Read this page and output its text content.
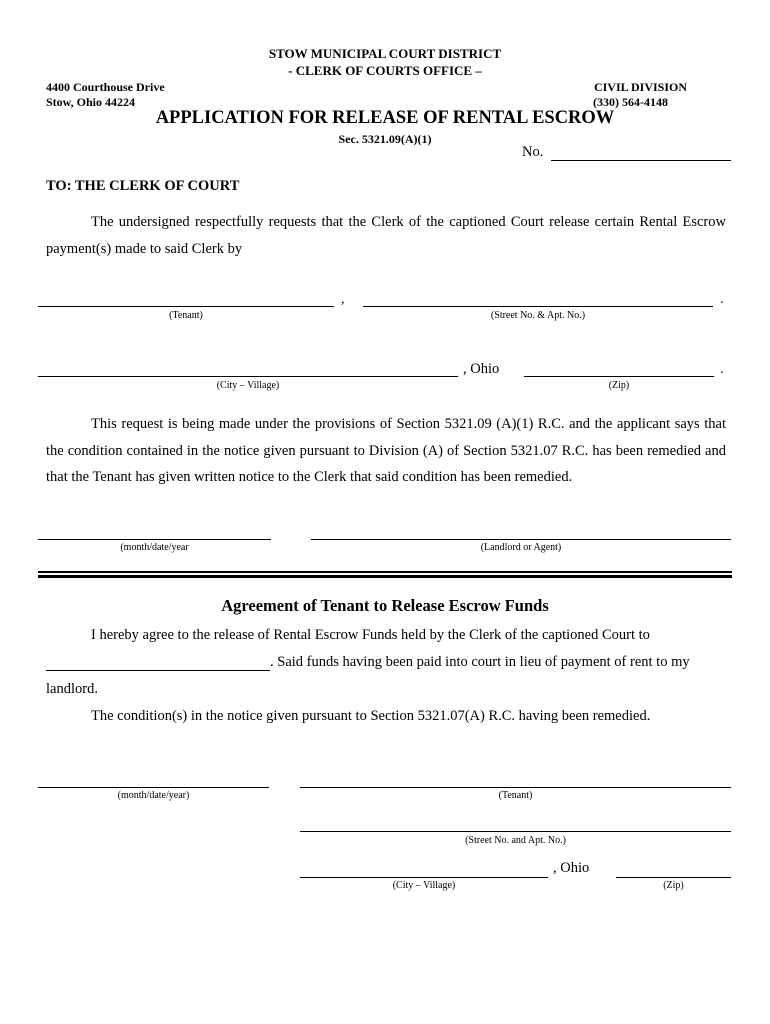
STOW MUNICIPAL COURT DISTRICT
- CLERK OF COURTS OFFICE –
4400 Courthouse Drive
Stow, Ohio 44224
CIVIL DIVISION
(330) 564-4148
APPLICATION FOR RELEASE OF RENTAL ESCROW
Sec. 5321.09(A)(1)
No.
TO: THE CLERK OF COURT

The undersigned respectfully requests that the Clerk of the captioned Court release certain Rental Escrow payment(s) made to said Clerk by

,	.
(Tenant)	(Street No. & Apt. No.)
, Ohio	.
(City – Village)	(Zip)

This request is being made under the provisions of Section 5321.09 (A)(1) R.C. and the applicant says that the condition contained in the notice given pursuant to Division (A) of Section 5321.07 R.C. has been remedied and that the Tenant has given written notice to the Clerk that said condition has been remedied.

(month/date/year	(Landlord or Agent)
Agreement of Tenant to Release Escrow Funds
I hereby agree to the release of Rental Escrow Funds held by the Clerk of the captioned Court to
. Said funds having been paid into court in lieu of payment of rent to my
landlord.
The condition(s) in the notice given pursuant to Section 5321.07(A) R.C. having been remedied.
(month/date/year)	(Tenant)
(Street No. and Apt. No.)
, Ohio
(City – Village)	(Zip)
